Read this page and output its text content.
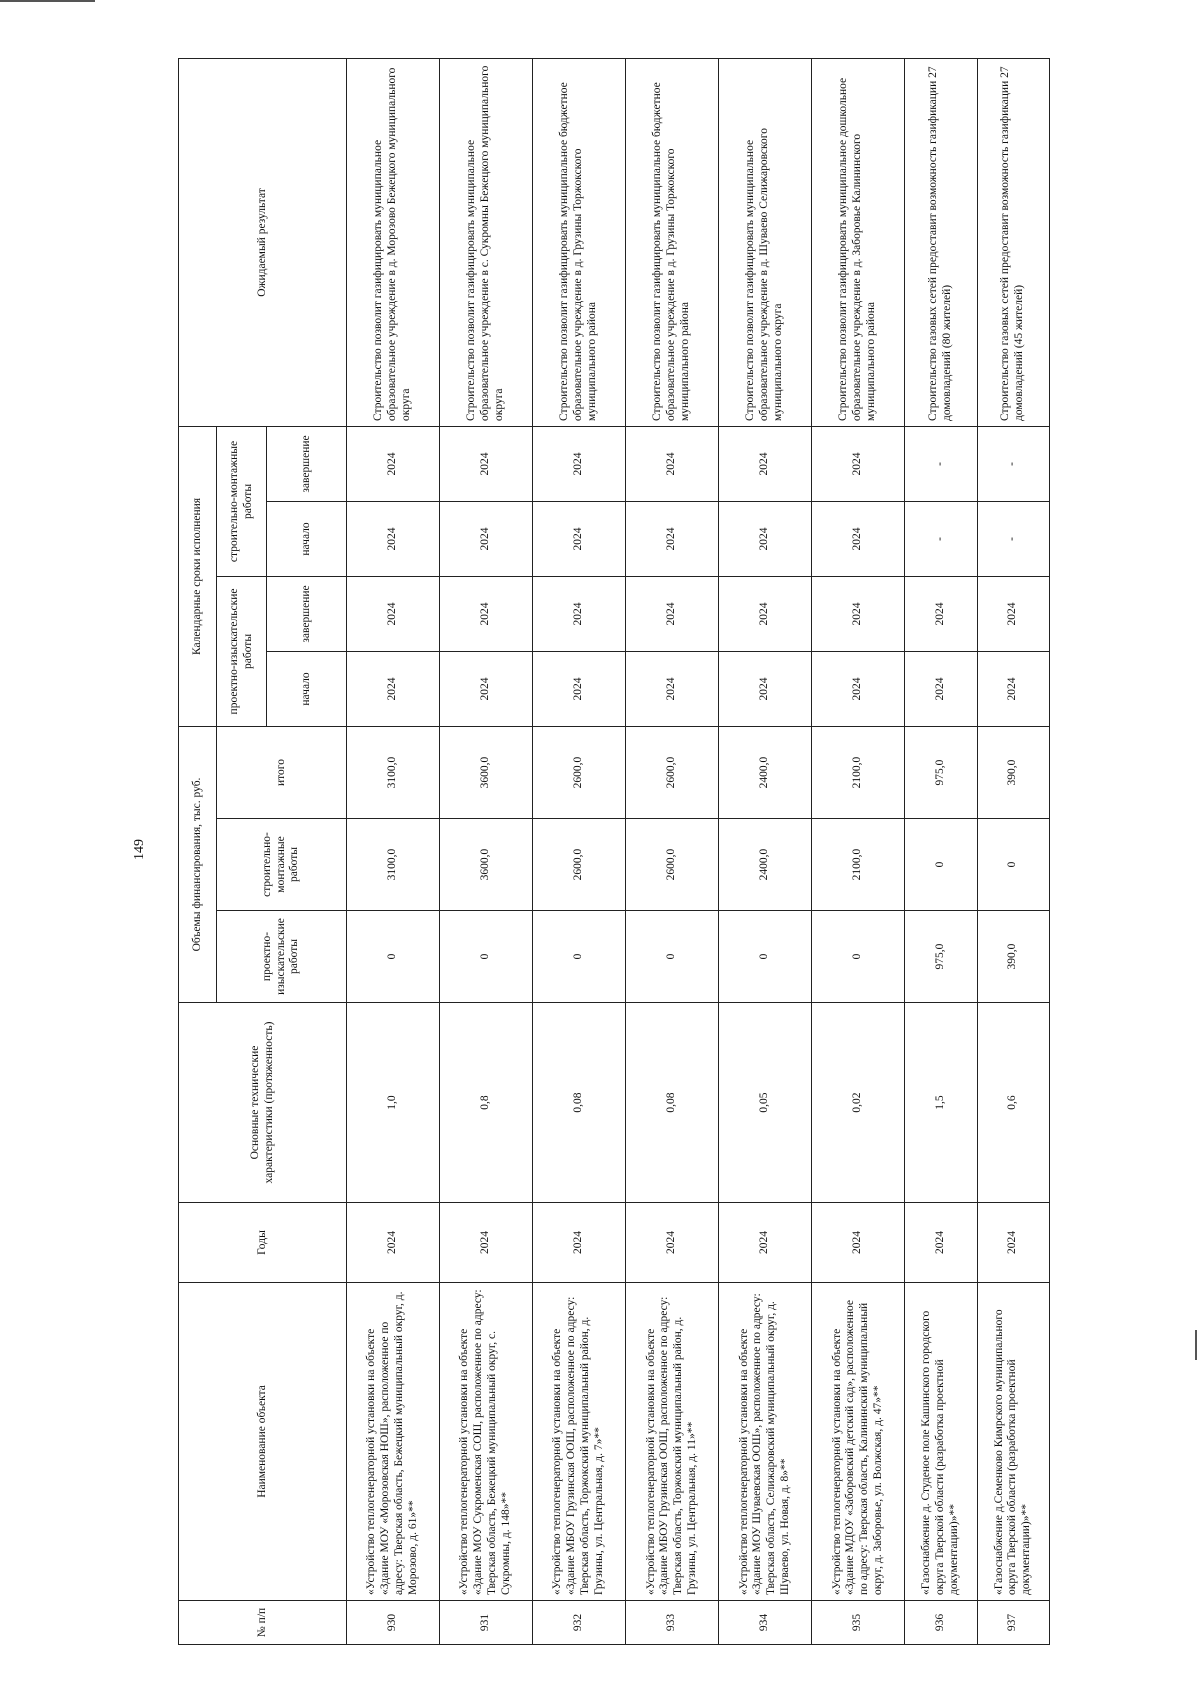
149
№ п/п	Наименование объекта	Годы	Основные технические характеристики (протяженность)	Объемы финансирования, тыс. руб.			Календарные сроки исполнения				Ожидаемый результат
				проектно-изыскательские работы	строительно-монтажные работы	итого	проектно-изыскательские работы		строительно-монтажные работы		
							начало	завершение	начало	завершение	
930	«Устройство теплогенераторной установки на объекте «Здание МОУ «Морозовская НОШ», расположенное по адресу: Тверская область, Бежецкий муниципальный округ, д. Морозово, д. 61»**	2024	1,0	0	3100,0	3100,0	2024	2024	2024	2024	Строительство позволит газифицировать муниципальное образовательное учреждение в д. Морозово Бежецкого муниципального округа
931	«Устройство теплогенераторной установки на объекте «Здание МОУ Сукроменская СОШ, расположенное по адресу: Тверская область, Бежецкий муниципальный округ, с. Сукромны, д. 148»**	2024	0,8	0	3600,0	3600,0	2024	2024	2024	2024	Строительство позволит газифицировать муниципальное образовательное учреждение в с. Сукромны Бежецкого муниципального округа
932	«Устройство теплогенераторной установки на объекте «Здание МБОУ Грузинская ООШ, расположенное по адресу: Тверская область, Торжокский муниципальный район, д. Грузины, ул. Центральная, д. 7»**	2024	0,08	0	2600,0	2600,0	2024	2024	2024	2024	Строительство позволит газифицировать муниципальное бюджетное образовательное учреждение в д. Грузины Торжокского муниципального района
933	«Устройство теплогенераторной установки на объекте «Здание МБОУ Грузинская ООШ, расположенное по адресу: Тверская область, Торжокский муниципальный район, д. Грузины, ул. Центральная, д. 11»**	2024	0,08	0	2600,0	2600,0	2024	2024	2024	2024	Строительство позволит газифицировать муниципальное бюджетное образовательное учреждение в д. Грузины Торжокского муниципального района
934	«Устройство теплогенераторной установки на объекте «Здание МОУ Шуваевская ООШ», расположенное по адресу: Тверская область, Селижаровский муниципальный округ, д. Шуваево, ул. Новая, д. 8»**	2024	0,05	0	2400,0	2400,0	2024	2024	2024	2024	Строительство позволит газифицировать муниципальное образовательное учреждение в д. Шуваево Селижаровского муниципального округа
935	«Устройство теплогенераторной установки на объекте «Здание МДОУ «Заборовский детский сад», расположенное по адресу: Тверская область, Калининский муниципальный округ, д. Заборовье, ул. Волжская, д. 47»**	2024	0,02	0	2100,0	2100,0	2024	2024	2024	2024	Строительство позволит газифицировать муниципальное дошкольное образовательное учреждение в д. Заборовье Калининского муниципального района
936	«Газоснабжение д. Студеное поле Кашинского городского округа Тверской области (разработка проектной документации)»**	2024	1,5	975,0	0	975,0	2024	2024	-	-	Строительство газовых сетей предоставит возможность газификации 27 домовладений (80 жителей)
937	«Газоснабжение д.Семенково Кимрского муниципального округа Тверской области (разработка проектной документации)»**	2024	0,6	390,0	0	390,0	2024	2024	-	-	Строительство газовых сетей предоставит возможность газификации 27 домовладений (45 жителей)
